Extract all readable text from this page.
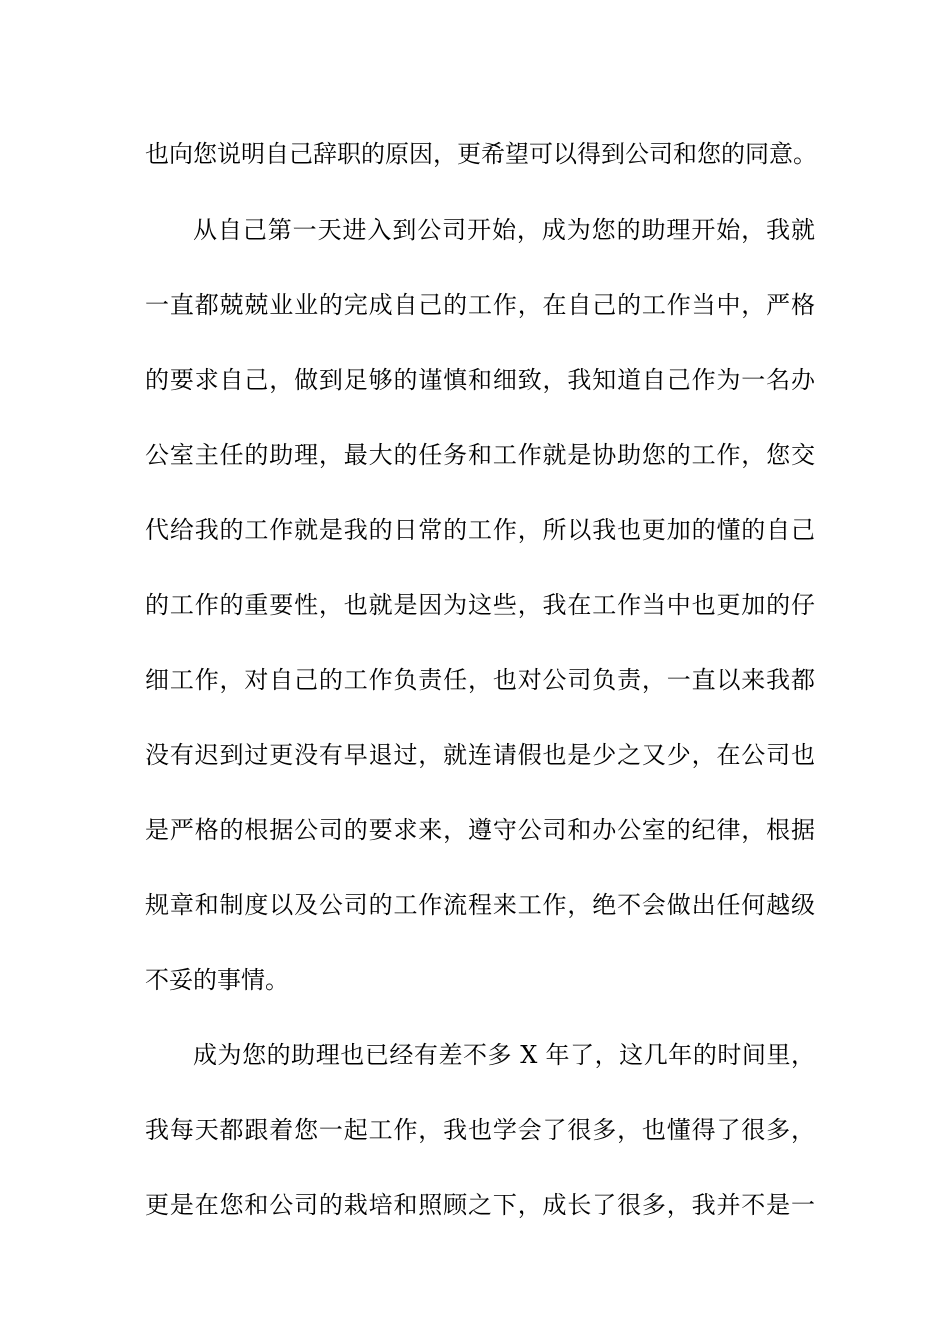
也向您说明自己辞职的原因，更希望可以得到公司和您的同意。
从自己第一天进入到公司开始，成为您的助理开始，我就
一直都兢兢业业的完成自己的工作，在自己的工作当中，严格
的要求自己，做到足够的谨慎和细致，我知道自己作为一名办
公室主任的助理，最大的任务和工作就是协助您的工作，您交
代给我的工作就是我的日常的工作，所以我也更加的懂的自己
的工作的重要性，也就是因为这些，我在工作当中也更加的仔
细工作，对自己的工作负责任，也对公司负责，一直以来我都
没有迟到过更没有早退过，就连请假也是少之又少，在公司也
是严格的根据公司的要求来，遵守公司和办公室的纪律，根据
规章和制度以及公司的工作流程来工作，绝不会做出任何越级
不妥的事情。
成为您的助理也已经有差不多 X 年了，这几年的时间里，
我每天都跟着您一起工作，我也学会了很多，也懂得了很多，
更是在您和公司的栽培和照顾之下，成长了很多，我并不是一
